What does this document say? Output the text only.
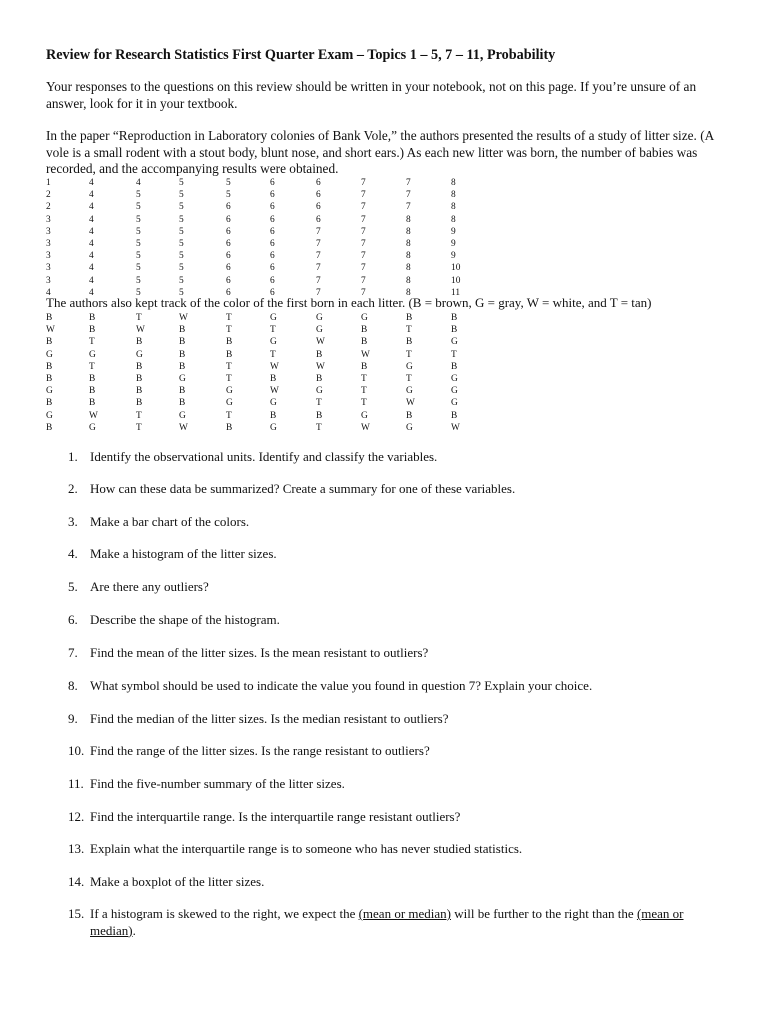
Review for Research Statistics First Quarter Exam – Topics 1 – 5, 7 – 11, Probability
Your responses to the questions on this review should be written in your notebook, not on this page. If you’re unsure of an answer, look for it in your textbook.
In the paper “Reproduction in Laboratory colonies of Bank Vole,” the authors presented the results of a study of litter size. (A vole is a small rodent with a stout body, blunt nose, and short ears.) As each new litter was born, the number of babies was recorded, and the accompanying results were obtained.
1	4	4	5	5	6	6	7	7	8
2	4	5	5	5	6	6	7	7	8
2	4	5	5	6	6	6	7	7	8
3	4	5	5	6	6	6	7	8	8
3	4	5	5	6	6	7	7	8	9
3	4	5	5	6	6	7	7	8	9
3	4	5	5	6	6	7	7	8	9
3	4	5	5	6	6	7	7	8	10
3	4	5	5	6	6	7	7	8	10
4	4	5	5	6	6	7	7	8	11
The authors also kept track of the color of the first born in each litter. (B = brown, G = gray, W = white, and T = tan)
B	B	T	W	T	G	G	G	B	B
W	B	W	B	T	T	G	B	T	B
B	T	B	B	B	G	W	B	B	G
G	G	G	B	B	T	B	W	T	T
B	T	B	B	T	W	W	B	G	B
B	B	B	G	T	B	B	T	T	G
G	B	B	B	G	W	G	T	G	G
B	B	B	B	G	G	T	T	W	G
G	W	T	G	T	B	B	G	B	B
B	G	T	W	B	G	T	W	G	W
1. Identify the observational units. Identify and classify the variables.
2. How can these data be summarized? Create a summary for one of these variables.
3. Make a bar chart of the colors.
4. Make a histogram of the litter sizes.
5. Are there any outliers?
6. Describe the shape of the histogram.
7. Find the mean of the litter sizes. Is the mean resistant to outliers?
8. What symbol should be used to indicate the value you found in question 7? Explain your choice.
9. Find the median of the litter sizes. Is the median resistant to outliers?
10. Find the range of the litter sizes. Is the range resistant to outliers?
11. Find the five-number summary of the litter sizes.
12. Find the interquartile range. Is the interquartile range resistant outliers?
13. Explain what the interquartile range is to someone who has never studied statistics.
14. Make a boxplot of the litter sizes.
15. If a histogram is skewed to the right, we expect the (mean or median) will be further to the right than the (mean or median).
